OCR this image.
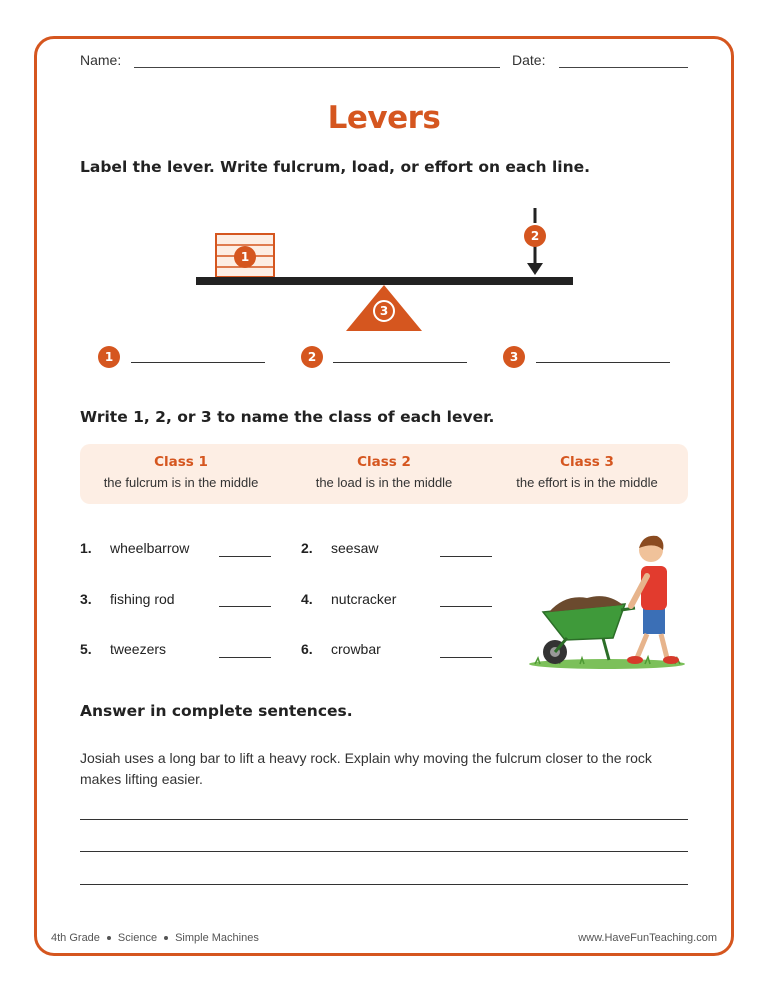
Name:	Date:
Levers
Label the lever. Write fulcrum, load, or effort on each line.
1
2
3
1	2	3
Write 1, 2, or 3 to name the class of each lever.
Class 1
the fulcrum is in the middle
Class 2
the load is in the middle
Class 3
the effort is in the middle
1. wheelbarrow	2. seesaw
3. fishing rod	4. nutcracker
5. tweezers	6. crowbar
Answer in complete sentences.
Josiah uses a long bar to lift a heavy rock. Explain why moving the fulcrum closer to the rock makes lifting easier.
4th Grade Science Simple Machines	www.HaveFunTeaching.com
